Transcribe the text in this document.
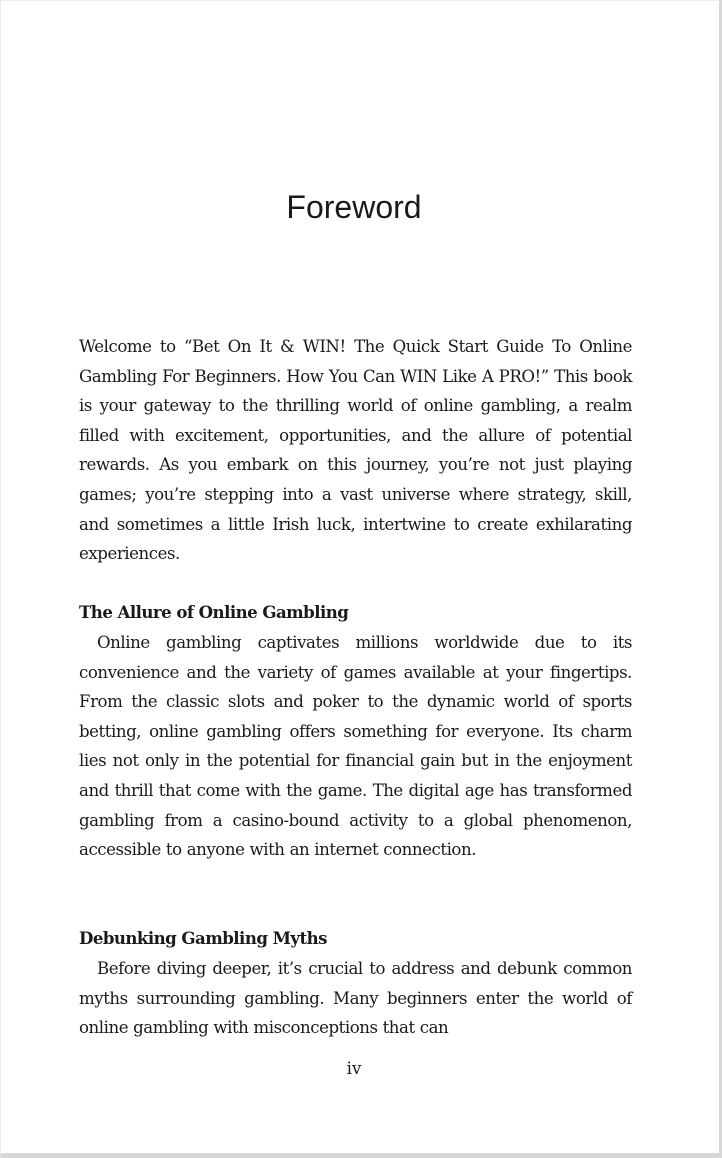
Foreword

Welcome to “Bet On It & WIN! The Quick Start Guide To Online Gambling For Beginners. How You Can WIN Like A PRO!” This book is your gateway to the thrilling world of online gambling, a realm filled with excitement, opportunities, and the allure of potential rewards. As you embark on this journey, you’re not just playing games; you’re stepping into a vast universe where strategy, skill, and sometimes a little Irish luck, intertwine to create exhilarating experiences.

The Allure of Online Gambling

Online gambling captivates millions worldwide due to its convenience and the variety of games available at your fingertips. From the classic slots and poker to the dynamic world of sports betting, online gambling offers something for everyone. Its charm lies not only in the potential for financial gain but in the enjoyment and thrill that come with the game. The digital age has transformed gambling from a casino-bound activity to a global phenomenon, accessible to anyone with an internet connection.

Debunking Gambling Myths

Before diving deeper, it’s crucial to address and debunk common myths surrounding gambling. Many beginners enter the world of online gambling with misconceptions that can

iv
